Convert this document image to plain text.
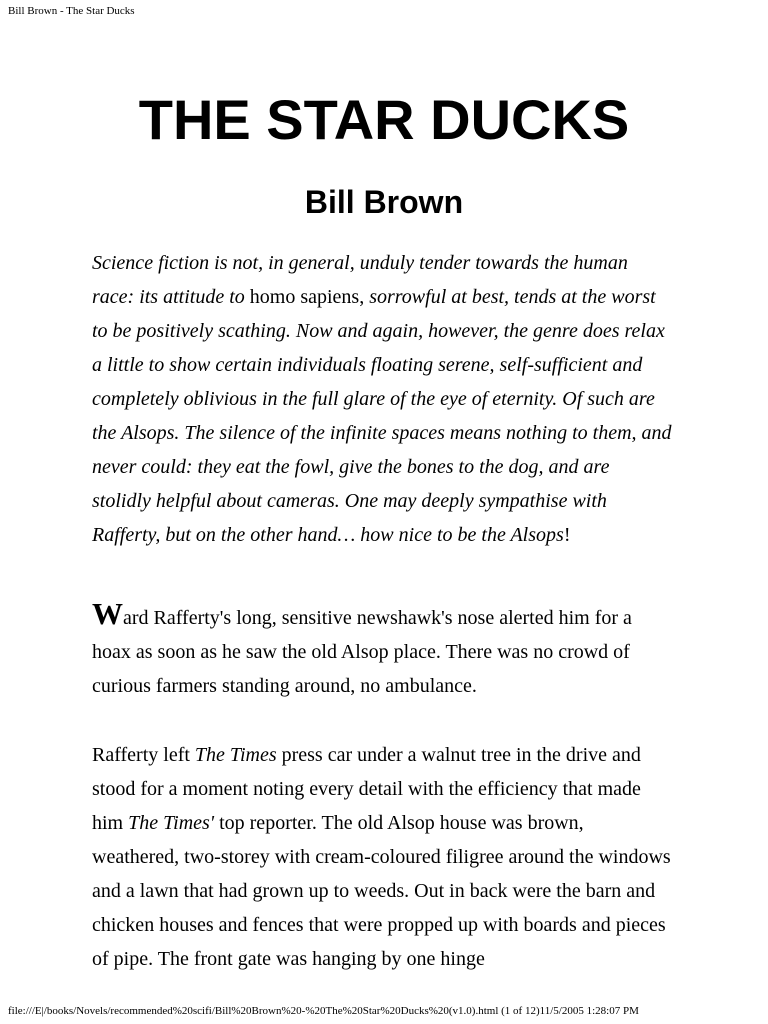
Bill Brown - The Star Ducks
THE STAR DUCKS
Bill Brown

Science fiction is not, in general, unduly tender towards the human race: its attitude to homo sapiens, sorrowful at best, tends at the worst to be positively scathing. Now and again, however, the genre does relax a little to show certain individuals floating serene, self-sufficient and completely oblivious in the full glare of the eye of eternity. Of such are the Alsops. The silence of the infinite spaces means nothing to them, and never could: they eat the fowl, give the bones to the dog, and are stolidly helpful about cameras. One may deeply sympathise with Rafferty, but on the other hand… how nice to be the Alsops!

Ward Rafferty's long, sensitive newshawk's nose alerted him for a hoax as soon as he saw the old Alsop place. There was no crowd of curious farmers standing around, no ambulance.

Rafferty left The Times press car under a walnut tree in the drive and stood for a moment noting every detail with the efficiency that made him The Times' top reporter. The old Alsop house was brown, weathered, two-storey with cream-coloured filigree around the windows and a lawn that had grown up to weeds. Out in back were the barn and chicken houses and fences that were propped up with boards and pieces of pipe. The front gate was hanging by one hinge

file:///E|/books/Novels/recommended%20scifi/Bill%20Brown%20-%20The%20Star%20Ducks%20(v1.0).html (1 of 12)11/5/2005 1:28:07 PM
